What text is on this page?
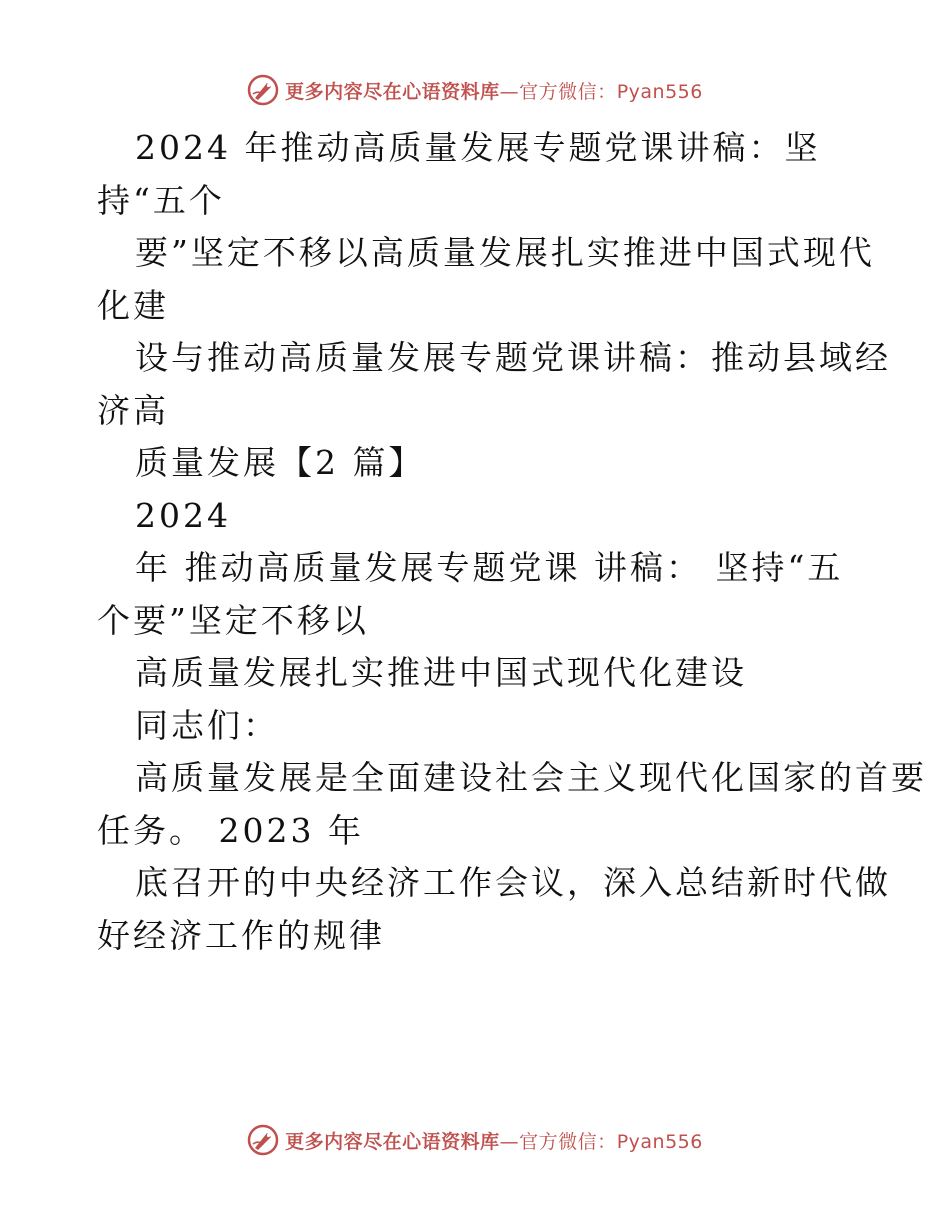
更多内容尽在心语资料库—官方微信：Pyan556
2024 年推动高质量发展专题党课讲稿：坚
持“五个
要”坚定不移以高质量发展扎实推进中国式现代
化建
设与推动高质量发展专题党课讲稿：推动县域经
济高
质量发展【2 篇】
2024
年 推动高质量发展专题党课 讲稿： 坚持“五
个要”坚定不移以
高质量发展扎实推进中国式现代化建设
同志们：
高质量发展是全面建设社会主义现代化国家的首要
任务。 2023 年
底召开的中央经济工作会议，深入总结新时代做
好经济工作的规律
更多内容尽在心语资料库—官方微信：Pyan556
